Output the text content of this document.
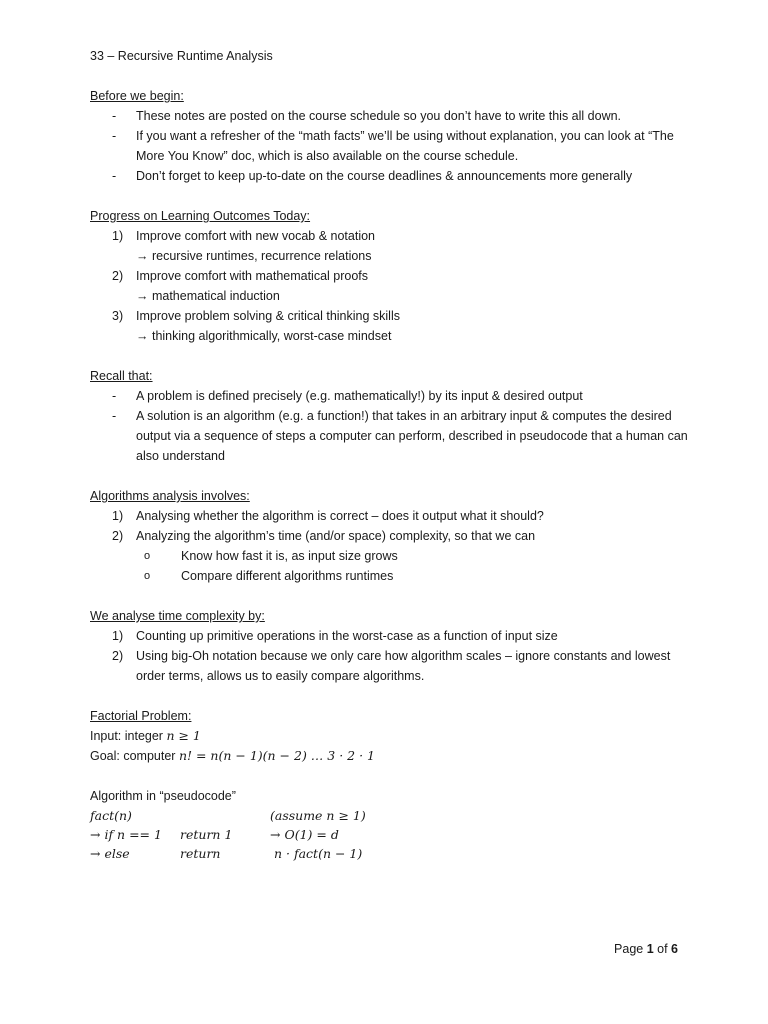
33 – Recursive Runtime Analysis
Before we begin:
- These notes are posted on the course schedule so you don’t have to write this all down.
- If you want a refresher of the “math facts” we’ll be using without explanation, you can look at “The More You Know” doc, which is also available on the course schedule.
- Don’t forget to keep up-to-date on the course deadlines & announcements more generally
Progress on Learning Outcomes Today:
1) Improve comfort with new vocab & notation
→ recursive runtimes, recurrence relations
2) Improve comfort with mathematical proofs
→ mathematical induction
3) Improve problem solving & critical thinking skills
→ thinking algorithmically, worst-case mindset
Recall that:
- A problem is defined precisely (e.g. mathematically!) by its input & desired output
- A solution is an algorithm (e.g. a function!) that takes in an arbitrary input & computes the desired output via a sequence of steps a computer can perform, described in pseudocode that a human can also understand
Algorithms analysis involves:
1) Analysing whether the algorithm is correct – does it output what it should?
2) Analyzing the algorithm’s time (and/or space) complexity, so that we can
o Know how fast it is, as input size grows
o Compare different algorithms runtimes
We analyse time complexity by:
1) Counting up primitive operations in the worst-case as a function of input size
2) Using big-Oh notation because we only care how algorithm scales – ignore constants and lowest order terms, allows us to easily compare algorithms.
Factorial Problem:
Input: integer n ≥ 1
Goal: computer n! = n(n − 1)(n − 2) … 3 · 2 · 1
Algorithm in “pseudocode”
fact(n)	(assume n ≥ 1)
→ if n == 1 return 1	→ O(1) = d
→ else	return	n · fact(n − 1)
Page 1 of 6
